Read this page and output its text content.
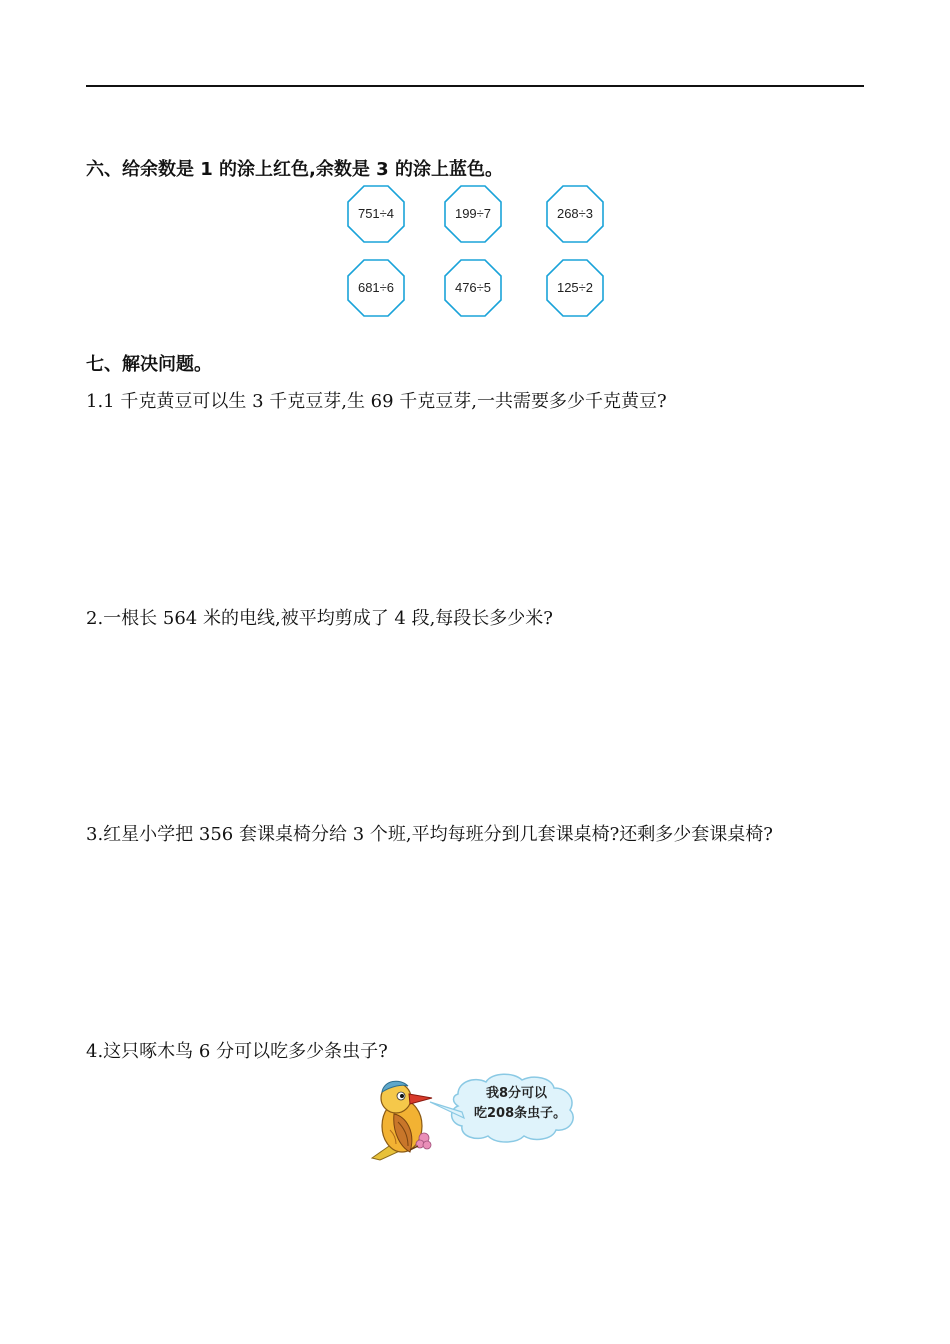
六、给余数是 1 的涂上红色,余数是 3 的涂上蓝色。
751÷4	199÷7	268÷3
681÷6	476÷5	125÷2
七、解决问题。
1.1 千克黄豆可以生 3 千克豆芽,生 69 千克豆芽,一共需要多少千克黄豆?
2.一根长 564 米的电线,被平均剪成了 4 段,每段长多少米?
3.红星小学把 356 套课桌椅分给 3 个班,平均每班分到几套课桌椅?还剩多少套课桌椅?
4.这只啄木鸟 6 分可以吃多少条虫子?
我8分可以
吃208条虫子。
